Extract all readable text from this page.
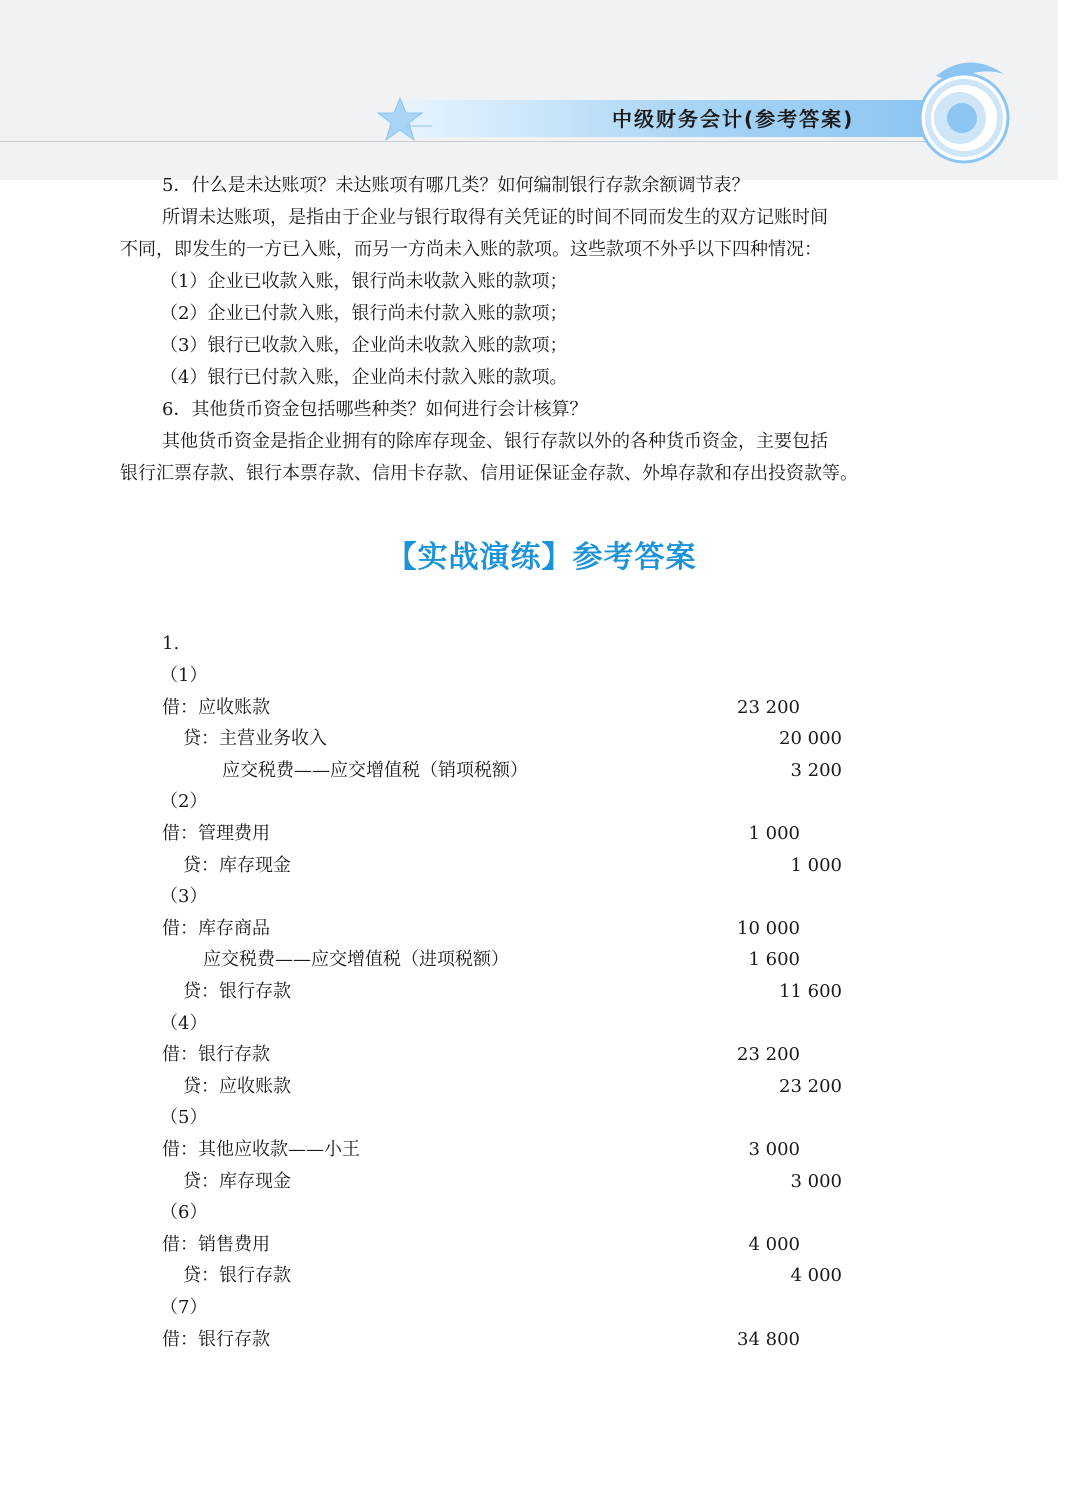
中级财务会计(参考答案)
5．什么是未达账项？未达账项有哪几类？如何编制银行存款余额调节表？
所谓未达账项，是指由于企业与银行取得有关凭证的时间不同而发生的双方记账时间
不同，即发生的一方已入账，而另一方尚未入账的款项。这些款项不外乎以下四种情况：
（1）企业已收款入账，银行尚未收款入账的款项；
（2）企业已付款入账，银行尚未付款入账的款项；
（3）银行已收款入账，企业尚未收款入账的款项；
（4）银行已付款入账，企业尚未付款入账的款项。
6．其他货币资金包括哪些种类？如何进行会计核算？
其他货币资金是指企业拥有的除库存现金、银行存款以外的各种货币资金，主要包括
银行汇票存款、银行本票存款、信用卡存款、信用证保证金存款、外埠存款和存出投资款等。
【实战演练】参考答案
1.
（1）
借：应收账款	23 200
贷：主营业务收入	20 000
应交税费——应交增值税（销项税额）	3 200
（2）
借：管理费用	1 000
贷：库存现金	1 000
（3）
借：库存商品	10 000
应交税费——应交增值税（进项税额）	1 600
贷：银行存款	11 600
（4）
借：银行存款	23 200
贷：应收账款	23 200
（5）
借：其他应收款——小王	3 000
贷：库存现金	3 000
（6）
借：销售费用	4 000
贷：银行存款	4 000
（7）
借：银行存款	34 800
